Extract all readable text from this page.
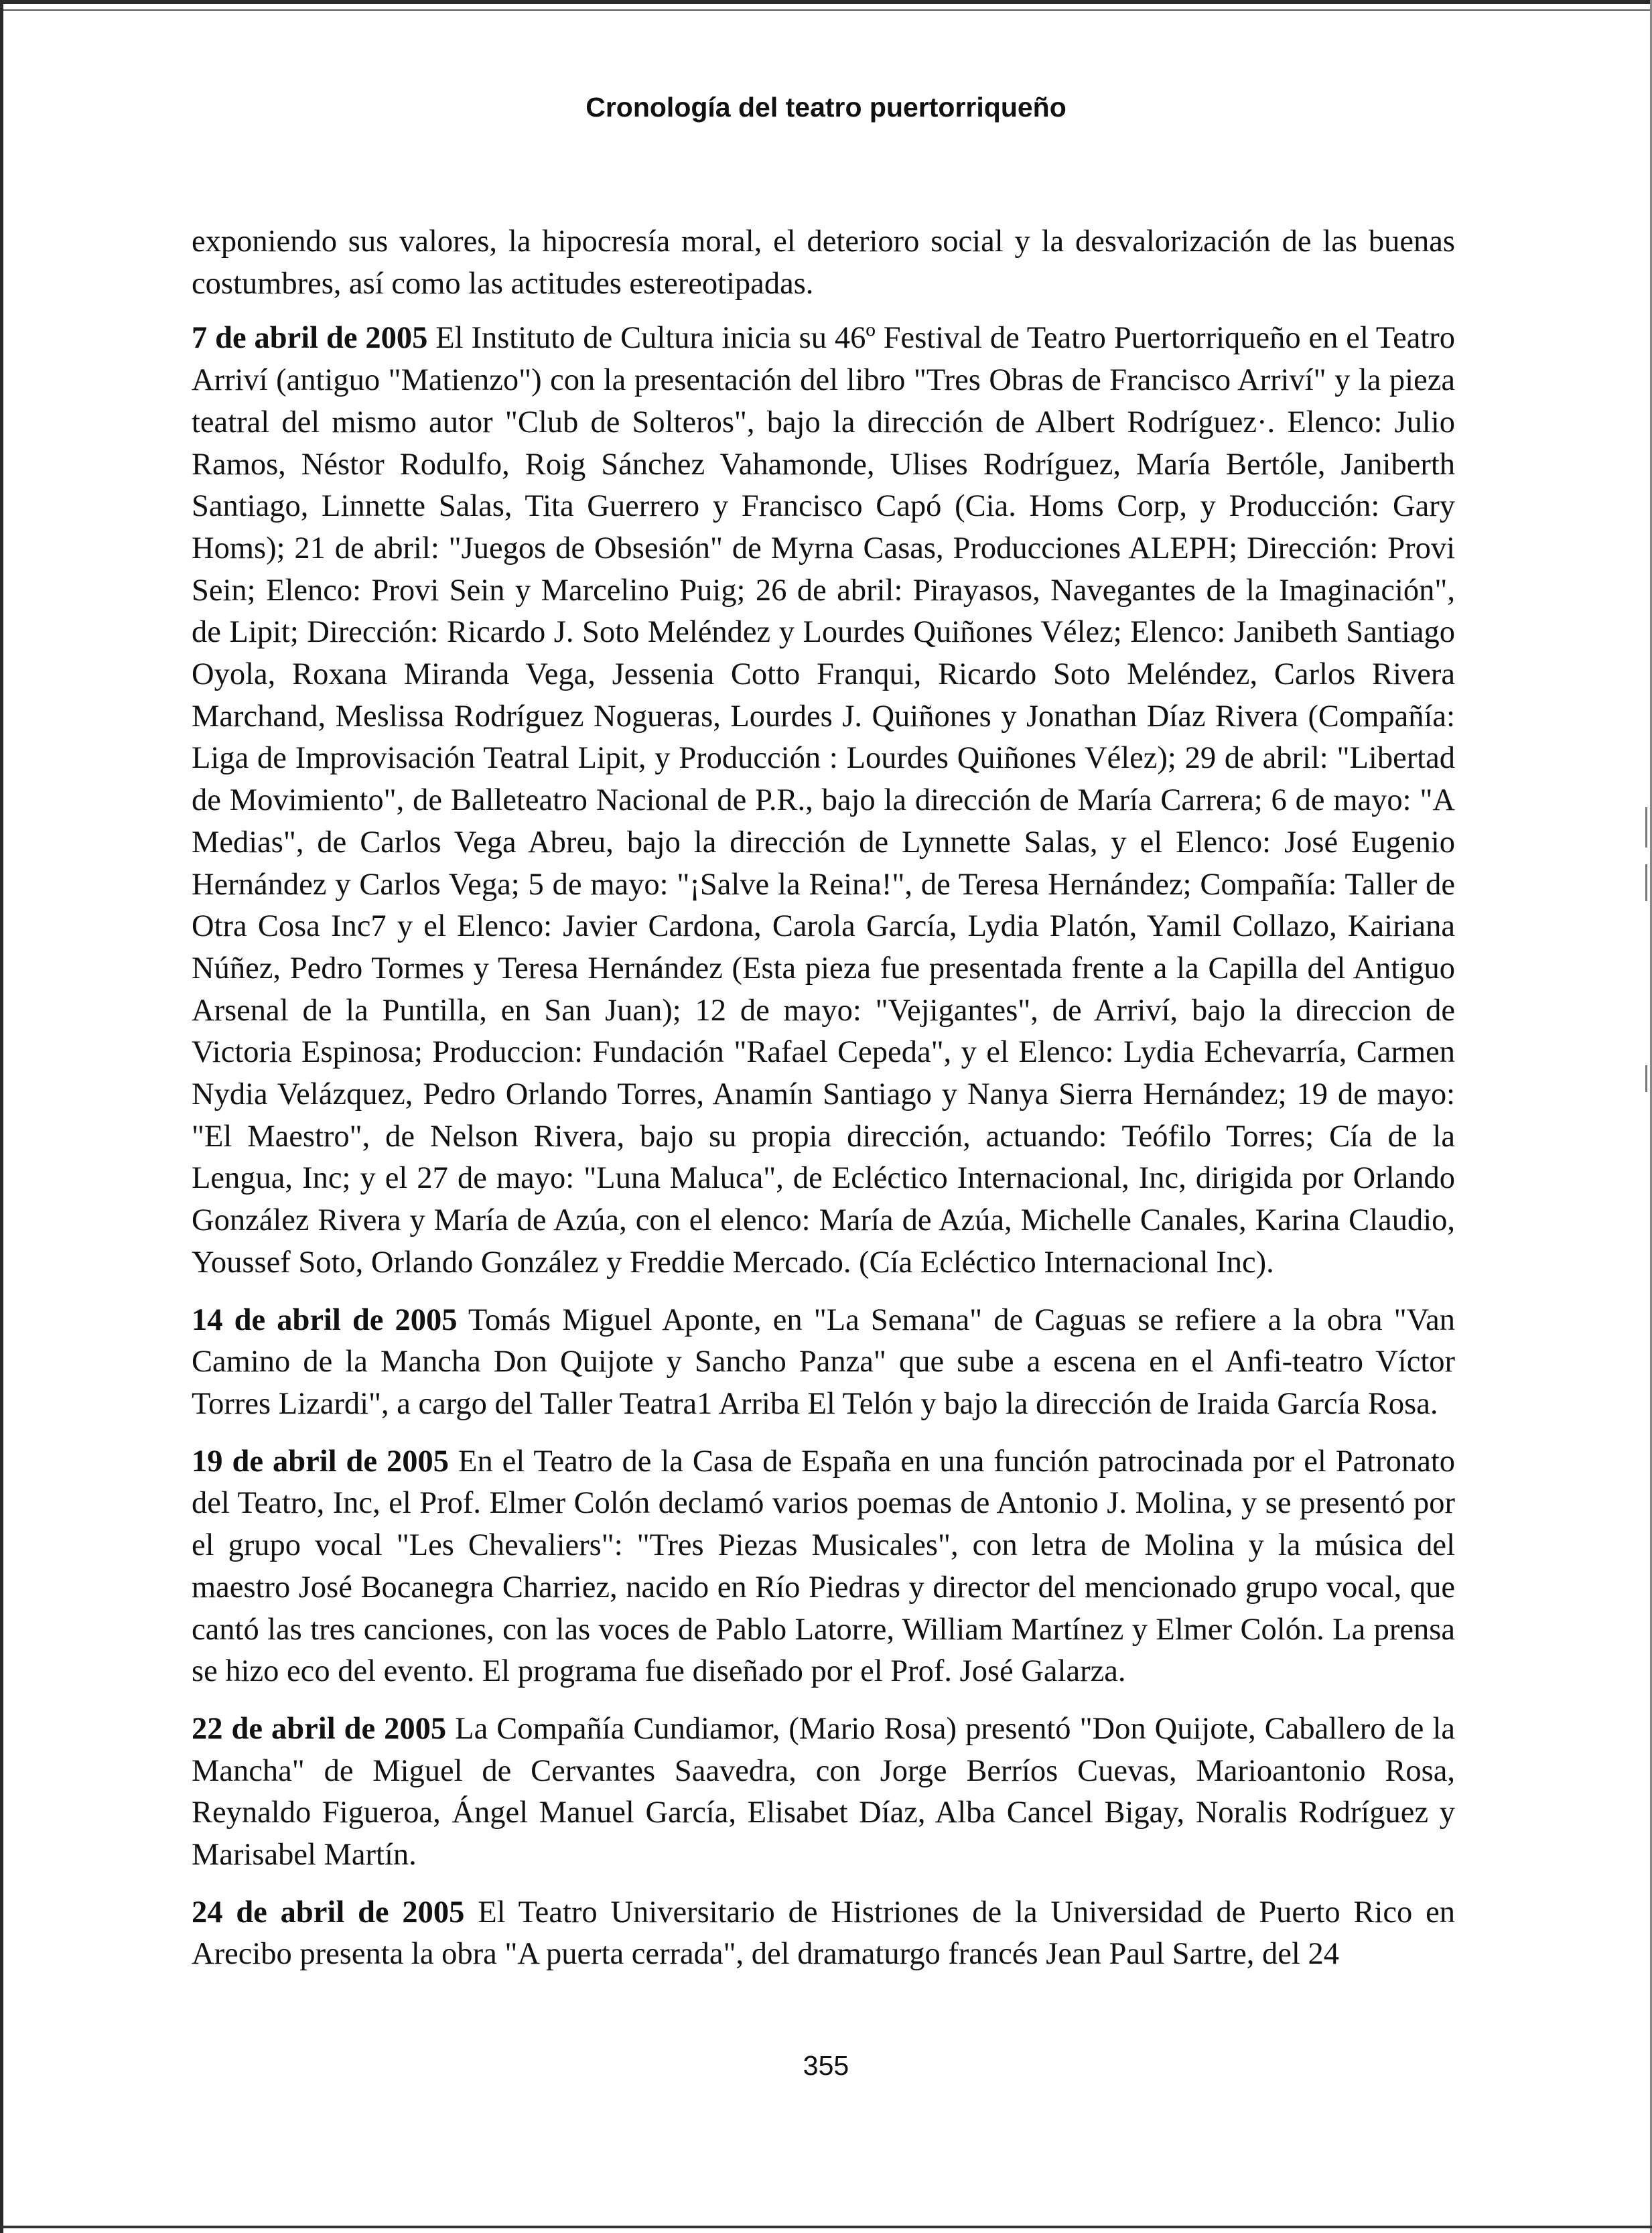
Cronología del teatro puertorriqueño

exponiendo sus valores, la hipocresía moral, el deterioro social y la desvalorización de las buenas costumbres, así como las actitudes estereotipadas.

7 de abril de 2005 El Instituto de Cultura inicia su 46º Festival de Teatro Puertorriqueño en el Teatro Arriví (antiguo "Matienzo") con la presentación del libro "Tres Obras de Francisco Arriví" y la pieza teatral del mismo autor "Club de Solteros", bajo la dirección de Albert Rodríguez·. Elenco: Julio Ramos, Néstor Rodulfo, Roig Sánchez Vahamonde, Ulises Rodríguez, María Bertóle, Janiberth Santiago, Linnette Salas, Tita Guerrero y Francisco Capó (Cia. Homs Corp, y Producción: Gary Homs); 21 de abril: "Juegos de Obsesión" de Myrna Casas, Producciones ALEPH; Dirección: Provi Sein; Elenco: Provi Sein y Marcelino Puig; 26 de abril: Pirayasos, Navegantes de la Imaginación", de Lipit; Dirección: Ricardo J. Soto Meléndez y Lourdes Quiñones Vélez; Elenco: Janibeth Santiago Oyola, Roxana Miranda Vega, Jessenia Cotto Franqui, Ricardo Soto Meléndez, Carlos Rivera Marchand, Meslissa Rodríguez Nogueras, Lourdes J. Quiñones y Jonathan Díaz Rivera (Compañía: Liga de Improvisación Teatral Lipit, y Producción : Lourdes Quiñones Vélez); 29 de abril: "Libertad de Movimiento", de Balleteatro Nacional de P.R., bajo la dirección de María Carrera; 6 de mayo: "A Medias", de Carlos Vega Abreu, bajo la dirección de Lynnette Salas, y el Elenco: José Eugenio Hernández y Carlos Vega; 5 de mayo: "¡Salve la Reina!", de Teresa Hernández; Compañía: Taller de Otra Cosa Inc7 y el Elenco: Javier Cardona, Carola García, Lydia Platón, Yamil Collazo, Kairiana Núñez, Pedro Tormes y Teresa Hernández (Esta pieza fue presentada frente a la Capilla del Antiguo Arsenal de la Puntilla, en San Juan); 12 de mayo: "Vejigantes", de Arriví, bajo la direccion de Victoria Espinosa; Produccion: Fundación "Rafael Cepeda", y el Elenco: Lydia Echevarría, Carmen Nydia Velázquez, Pedro Orlando Torres, Anamín Santiago y Nanya Sierra Hernández; 19 de mayo: "El Maestro", de Nelson Rivera, bajo su propia dirección, actuando: Teófilo Torres; Cía de la Lengua, Inc; y el 27 de mayo: "Luna Maluca", de Ecléctico Internacional, Inc, dirigida por Orlando González Rivera y María de Azúa, con el elenco: María de Azúa, Michelle Canales, Karina Claudio, Youssef Soto, Orlando González y Freddie Mercado. (Cía Ecléctico Internacional Inc).

14 de abril de 2005 Tomás Miguel Aponte, en "La Semana" de Caguas se refiere a la obra "Van Camino de la Mancha Don Quijote y Sancho Panza" que sube a escena en el Anfi-teatro Víctor Torres Lizardi", a cargo del Taller Teatra1 Arriba El Telón y bajo la dirección de Iraida García Rosa.

19 de abril de 2005 En el Teatro de la Casa de España en una función patrocinada por el Patronato del Teatro, Inc, el Prof. Elmer Colón declamó varios poemas de Antonio J. Molina, y se presentó por el grupo vocal "Les Chevaliers": "Tres Piezas Musicales", con letra de Molina y la música del maestro José Bocanegra Charriez, nacido en Río Piedras y director del mencionado grupo vocal, que cantó las tres canciones, con las voces de Pablo Latorre, William Martínez y Elmer Colón. La prensa se hizo eco del evento. El programa fue diseñado por el Prof. José Galarza.

22 de abril de 2005 La Compañía Cundiamor, (Mario Rosa) presentó "Don Quijote, Caballero de la Mancha" de Miguel de Cervantes Saavedra, con Jorge Berríos Cuevas, Marioantonio Rosa, Reynaldo Figueroa, Ángel Manuel García, Elisabet Díaz, Alba Cancel Bigay, Noralis Rodríguez y Marisabel Martín.

24 de abril de 2005 El Teatro Universitario de Histriones de la Universidad de Puerto Rico en Arecibo presenta la obra "A puerta cerrada", del dramaturgo francés Jean Paul Sartre, del 24

355
